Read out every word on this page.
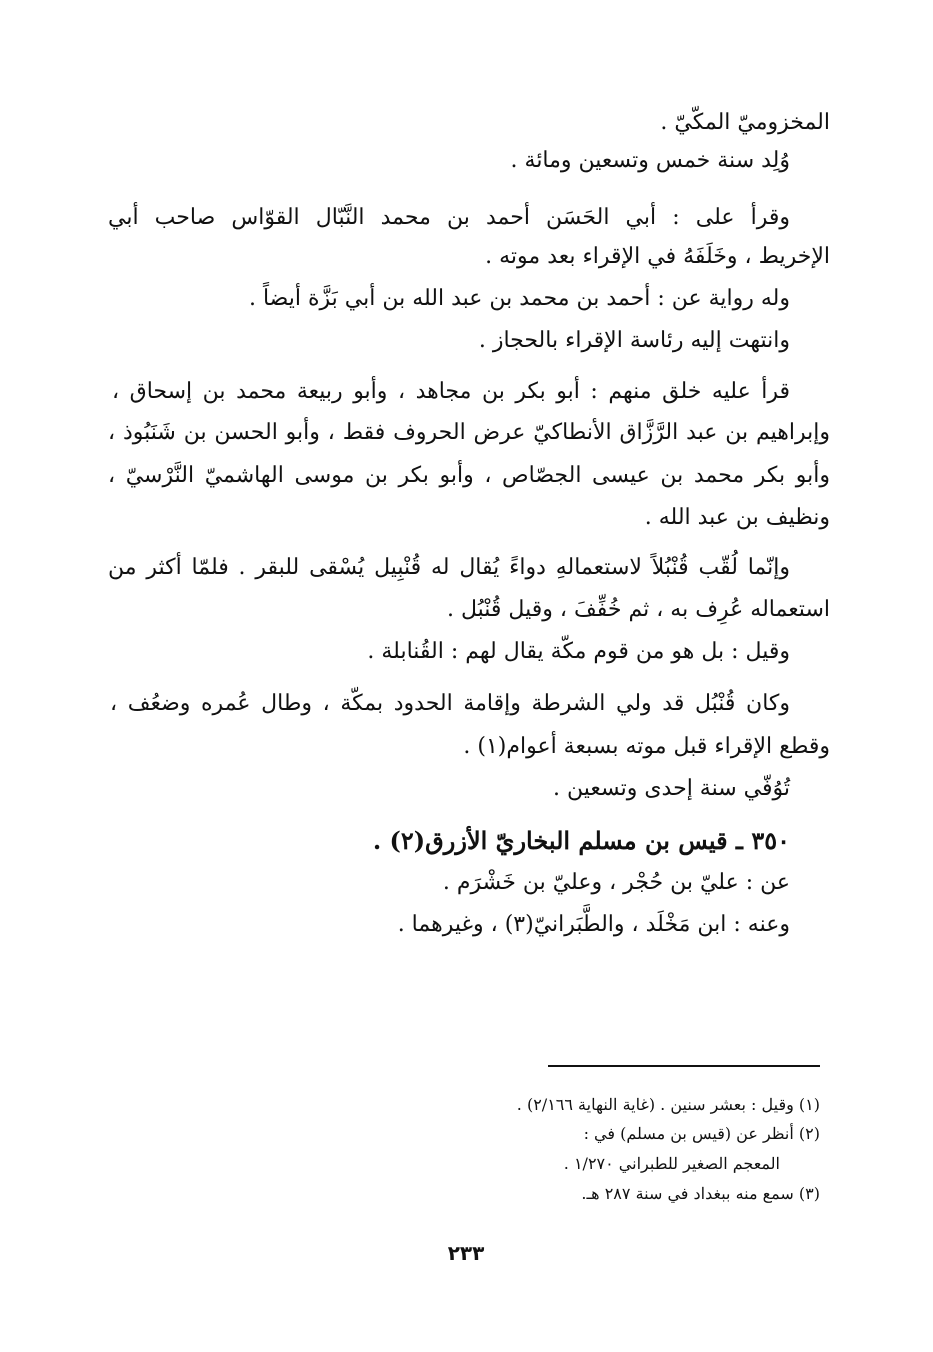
المخزوميّ المكّيّ .
وُلِد سنة خمس وتسعين ومائة .
وقرأ على : أبي الحَسَن أحمد بن محمد النَّبّال القوّاس صاحب أبي
الإخريط ، وخَلَفَهُ في الإقراء بعد موته .
وله رواية عن : أحمد بن محمد بن عبد الله بن أبي بَزَّة أيضاً .
وانتهت إليه رئاسة الإقراء بالحجاز .
قرأ عليه خلق منهم : أبو بكر بن مجاهد ، وأبو ربيعة محمد بن إسحاق ،
وإبراهيم بن عبد الرَّزَّاق الأنطاكيّ عرض الحروف فقط ، وأبو الحسن بن شَنَبُوذ ،
وأبو بكر محمد بن عيسى الجصّاص ، وأبو بكر بن موسى الهاشميّ النَّرْسيّ ،
ونظيف بن عبد الله .
وإنّما لُقّب قُنْبُلاً لاستعمالهِ دواءً يُقال له قُنْبِيل يُسْقى للبقر . فلمّا أكثر من
استعماله عُرِف به ، ثم خُفِّفَ ، وقيل قُنْبُل .
وقيل : بل هو من قوم مكّة يقال لهم : القُنابلة .
وكان قُنْبُل قد ولي الشرطة وإقامة الحدود بمكّة ، وطال عُمره وضعُف ،
وقطع الإقراء قبل موته بسبعة أعوام(١) .
تُوُفّي سنة إحدى وتسعين .
٣٥٠ ـ قيس بن مسلم البخاريّ الأزرق(٢) .
عن : عليّ بن حُجْر ، وعليّ بن خَشْرَم .
وعنه : ابن مَخْلَد ، والطَّبَرانيّ(٣) ، وغيرهما .
(١) وقيل : بعشر سنين . (غاية النهاية ٢/١٦٦) .
(٢) أنظر عن (قيس بن مسلم) في :
المعجم الصغير للطبراني ١/٢٧٠ .
(٣) سمع منه ببغداد في سنة ٢٨٧ هـ.
٢٣٣
